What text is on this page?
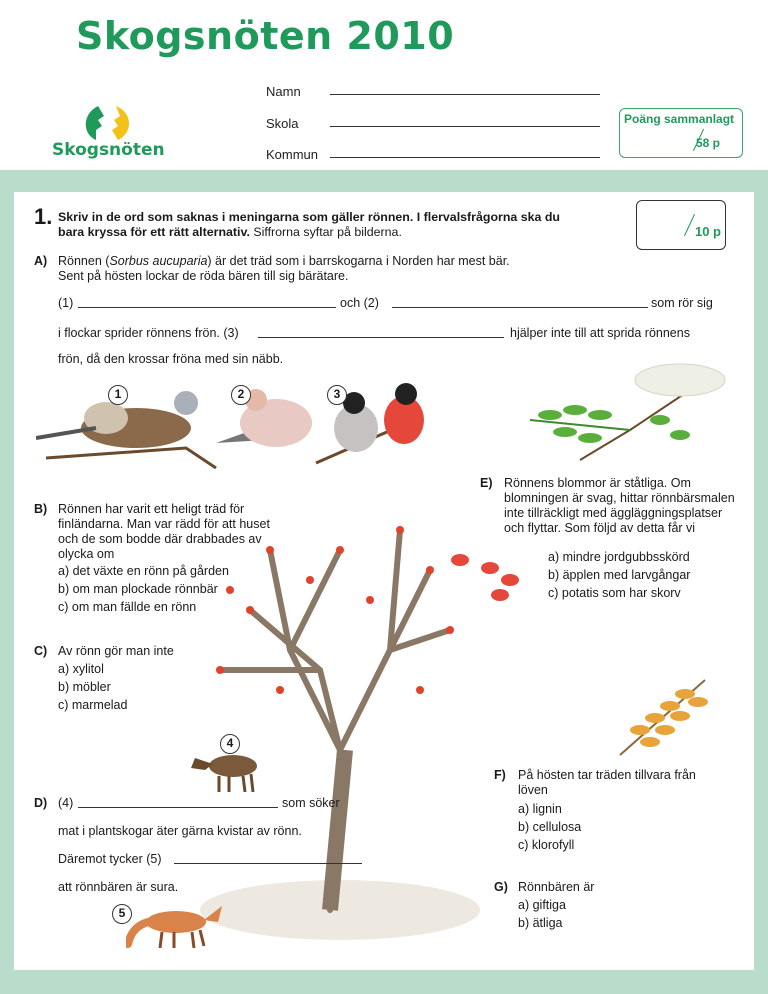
Skogsnöten 2010
Skogsnöten
Namn
Skola
Kommun
Poäng sammanlagt
58 p
1. Skriv in de ord som saknas i meningarna som gäller rönnen. I flervalsfrågorna ska du bara kryssa för ett rätt alternativ. Siffrorna syftar på bilderna.	10 p
A) Rönnen (Sorbus aucuparia) är det träd som i barrskogarna i Norden har mest bär.
Sent på hösten lockar de röda bären till sig bärätare.
(1)	och (2)	som rör sig
i flockar sprider rönnens frön. (3)	hjälper inte till att sprida rönnens
frön, då den krossar fröna med sin näbb.
1	2	3
B) Rönnen har varit ett heligt träd för finländarna. Man var rädd för att huset och de som bodde där drabbades av olycka om
a) det växte en rönn på gården
b) om man plockade rönnbär
c) om man fällde en rönn
E) Rönnens blommor är ståtliga. Om blomningen är svag, hittar rönnbärsmalen inte tillräckligt med äggläggningsplatser och flyttar. Som följd av detta får vi
a) mindre jordgubbsskörd
b) äpplen med larvgångar
c) potatis som har skorv
C) Av rönn gör man inte
a) xylitol
b) möbler
c) marmelad
4
D) (4)	som söker
mat i plantskogar äter gärna kvistar av rönn.
Däremot tycker (5)
att rönnbären är sura.
5
F) På hösten tar träden tillvara från löven
a) lignin
b) cellulosa
c) klorofyll
G) Rönnbären är
a) giftiga
b) ätliga
